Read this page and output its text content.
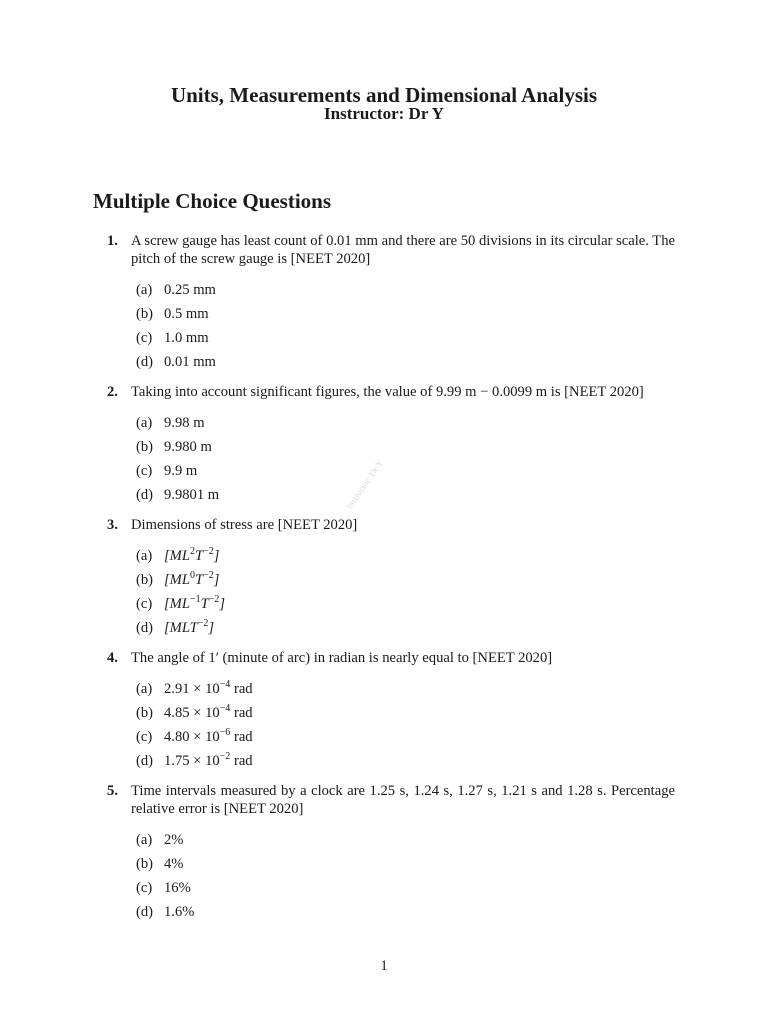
Units, Measurements and Dimensional Analysis
Instructor: Dr Y
Multiple Choice Questions
Instructor: Dr Y
1. A screw gauge has least count of 0.01 mm and there are 50 divisions in its circular scale. The pitch of the screw gauge is [NEET 2020]
(a) 0.25 mm
(b) 0.5 mm
(c) 1.0 mm
(d) 0.01 mm
2. Taking into account significant figures, the value of 9.99 m − 0.0099 m is [NEET 2020]
(a) 9.98 m
(b) 9.980 m
(c) 9.9 m
(d) 9.9801 m
3. Dimensions of stress are [NEET 2020]
(a) $[ML^2T^{-2}]$
(b) $[ML^0T^{-2}]$
(c) $[ML^{-1}T^{-2}]$
(d) $[MLT^{-2}]$
4. The angle of 1′ (minute of arc) in radian is nearly equal to [NEET 2020]
(a) $2.91 \times 10^{-4}$ rad
(b) $4.85 \times 10^{-4}$ rad
(c) $4.80 \times 10^{-6}$ rad
(d) $1.75 \times 10^{-2}$ rad
5. Time intervals measured by a clock are 1.25 s, 1.24 s, 1.27 s, 1.21 s and 1.28 s. Percentage relative error is [NEET 2020]
(a) 2%
(b) 4%
(c) 16%
(d) 1.6%
1
